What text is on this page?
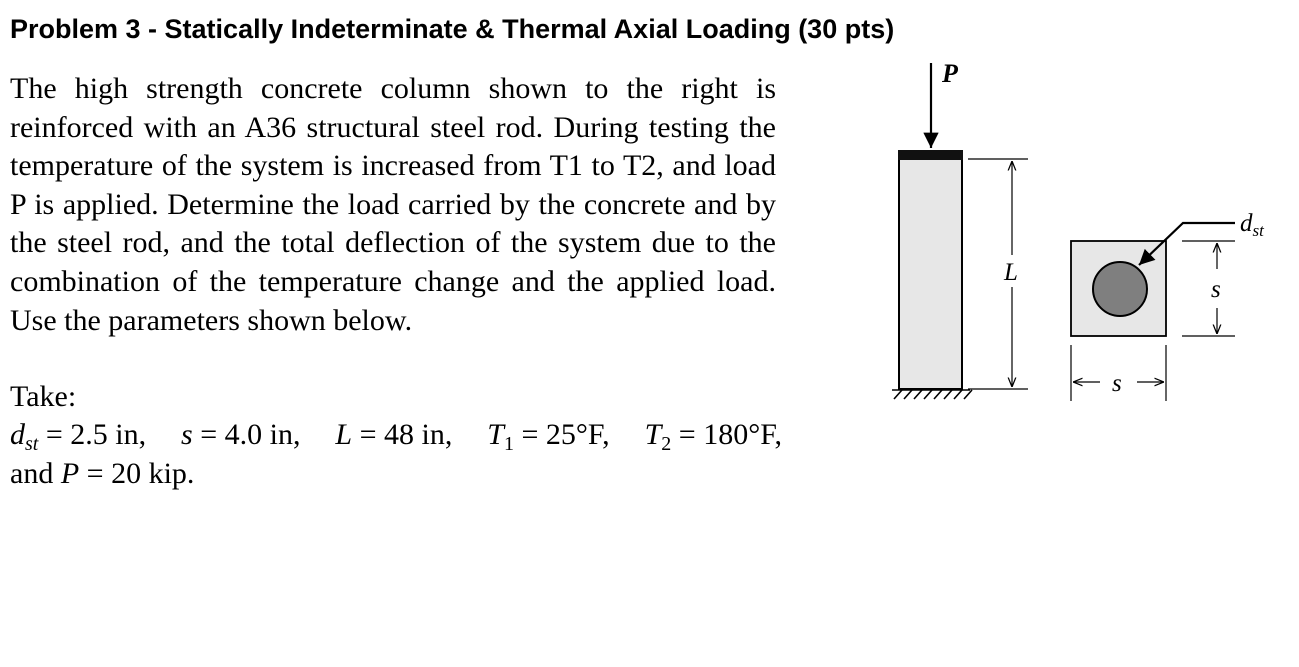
Problem 3 - Statically Indeterminate & Thermal Axial Loading (30 pts)

The high strength concrete column shown to the right is reinforced with an A36 structural steel rod. During testing the temperature of the system is increased from T1 to T2, and load P is applied. Determine the load carried by the concrete and by the steel rod, and the total deflection of the system due to the combination of the temperature change and the applied load. Use the parameters shown below.

Take:

$d_{st} = 2.5$ in, s = 4.0 in, L = 48 in, $T_1 = 25^\circ F$, $T_2 = 180^\circ F$,
and P = 20 kip.
P
L
$d_{st}$
s
s
